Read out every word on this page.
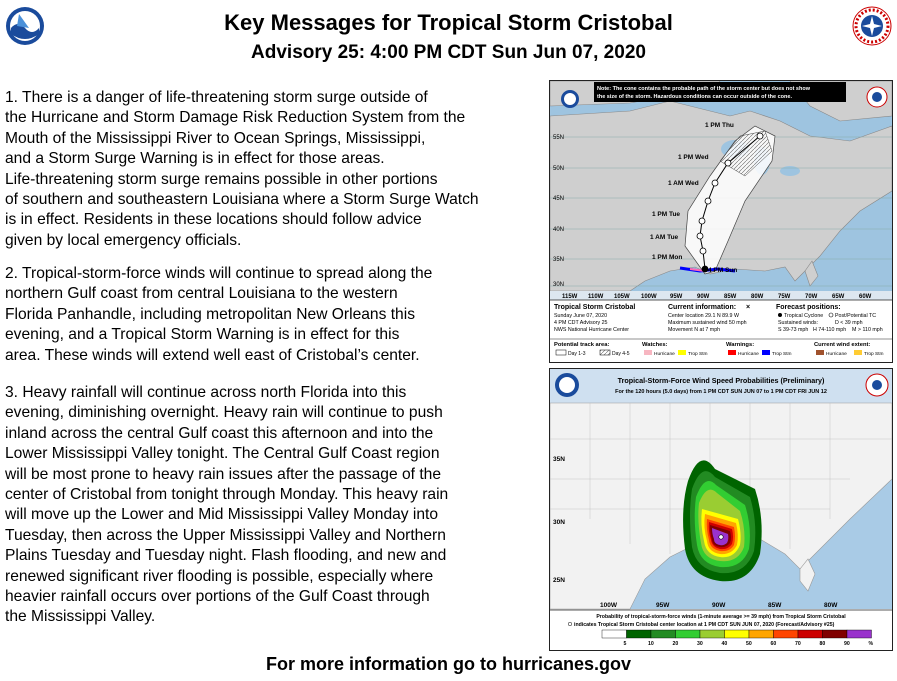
Key Messages for Tropical Storm Cristobal
Advisory 25: 4:00 PM CDT Sun Jun 07, 2020
1. There is a danger of life-threatening storm surge outside of
the Hurricane and Storm Damage Risk Reduction System from the
Mouth of the Mississippi River to Ocean Springs, Mississippi,
and a Storm Surge Warning is in effect for those areas.
Life-threatening storm surge remains possible in other portions
of southern and southeastern Louisiana where a Storm Surge Watch
is in effect. Residents in these locations should follow advice
given by local emergency officials.
2. Tropical-storm-force winds will continue to spread along the
northern Gulf coast from central Louisiana to the western
Florida Panhandle, including metropolitan New Orleans this
evening, and a Tropical Storm Warning is in effect for this
area. These winds will extend well east of Cristobal’s center.
3. Heavy rainfall will continue across north Florida into this
evening, diminishing overnight. Heavy rain will continue to push
inland across the central Gulf coast this afternoon and into the
Lower Mississippi Valley tonight. The Central Gulf Coast region
will be most prone to heavy rain issues after the passage of the
center of Cristobal from tonight through Monday. This heavy rain
will move up the Lower and Mid Mississippi Valley Monday into
Tuesday, then across the Upper Mississippi Valley and Northern
Plains Tuesday and Tuesday night. Flash flooding, and new and
renewed significant river flooding is possible, especially where
heavier rainfall occurs over portions of the Gulf Coast through
the Mississippi Valley.
Note: The cone contains the probable path of the storm center but does not show
the size of the storm. Hazardous conditions can occur outside of the cone.
1 PM Thu
1 PM Wed
1 AM Wed
1 PM Tue
1 AM Tue
1 PM Mon
4 PM Sun
55N
50N
45N
40N
35N
30N
115W 110W 105W 100W 95W 90W 85W 80W 75W 70W 65W 60W
Tropical Storm Cristobal
Sunday June 07, 2020
4 PM CDT Advisory 25
NWS National Hurricane Center
Current information: ×
Center location 29.1 N 89.9 W
Maximum sustained wind 50 mph
Movement N at 7 mph
Forecast positions:
Tropical Cyclone Post/Potential TC
Sustained winds:	D < 39 mph
S 39-73 mph H 74-110 mph M > 110 mph
Potential track area:
Day 1-3	Day 4-5
Watches:
Hurricane	Trop Stm
Warnings:
Hurricane	Trop Stm
Current wind extent:
Hurricane	Trop Stm
Tropical-Storm-Force Wind Speed Probabilities (Preliminary)
For the 120 hours (5.0 days) from 1 PM CDT SUN JUN 07 to 1 PM CDT FRI JUN 12
35N
30N
25N
100W	95W	90W	85W	80W
Probability of tropical-storm-force winds (1-minute average >= 39 mph) from Tropical Storm Cristobal
indicates Tropical Storm Cristobal center location at 1 PM CDT SUN JUN 07, 2020 (Forecast/Advisory #25)
5	10	20	30	40	50	60	70	80	90	%
For more information go to hurricanes.gov
